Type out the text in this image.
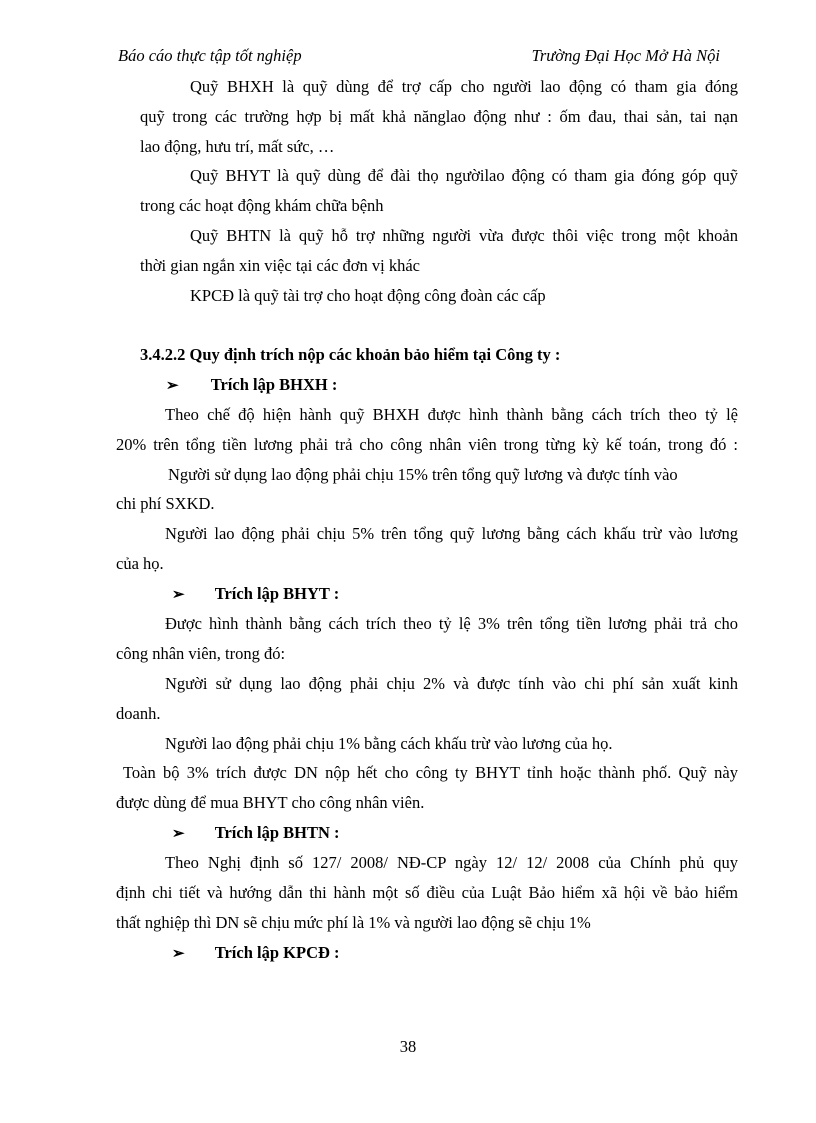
Báo cáo thực tập tốt nghiệp	Trường Đại Học Mở Hà Nội
Quỹ BHXH là quỹ dùng để trợ cấp cho người lao động có tham gia đóng
quỹ trong các trường hợp bị mất khả nănglao động như : ốm đau, thai sản, tai nạn
lao động, hưu trí, mất sức, …
Quỹ BHYT là quỹ dùng để đài thọ ngườilao động có tham gia đóng góp quỹ
trong các hoạt động khám chữa bệnh
Quỹ BHTN là quỹ hỗ trợ những người vừa được thôi việc trong một khoản
thời gian ngắn xin việc tại các đơn vị khác
KPCĐ là quỹ tài trợ cho hoạt động công đoàn các cấp
3.4.2.2 Quy định trích nộp các khoản bảo hiểm tại Công ty :
➢ Trích lập BHXH :
Theo chế độ hiện hành quỹ BHXH được hình thành bằng cách trích theo tỷ lệ
20% trên tổng tiền lương phải trả cho công nhân viên trong từng kỳ kế toán, trong đó :
Người sử dụng lao động phải chịu 15% trên tổng quỹ lương và được tính vào
chi phí SXKD.
Người lao động phải chịu 5% trên tổng quỹ lương bằng cách khấu trừ vào lương
của họ.
➢ Trích lập BHYT :
Được hình thành bằng cách trích theo tỷ lệ 3% trên tổng tiền lương phải trả cho
công nhân viên, trong đó:
Người sử dụng lao động phải chịu 2% và được tính vào chi phí sản xuất kinh
doanh.
Người lao động phải chịu 1% bằng cách khấu trừ vào lương của họ.
Toàn bộ 3% trích được DN nộp hết cho công ty BHYT tỉnh hoặc thành phố. Quỹ này
được dùng để mua BHYT cho công nhân viên.
➢ Trích lập BHTN :
Theo Nghị định số 127/ 2008/ NĐ-CP ngày 12/ 12/ 2008 của Chính phủ quy
định chi tiết và hướng dẫn thi hành một số điều của Luật Bảo hiểm xã hội về bảo hiểm
thất nghiệp thì DN sẽ chịu mức phí là 1% và người lao động sẽ chịu 1%
➢ Trích lập KPCĐ :
38
